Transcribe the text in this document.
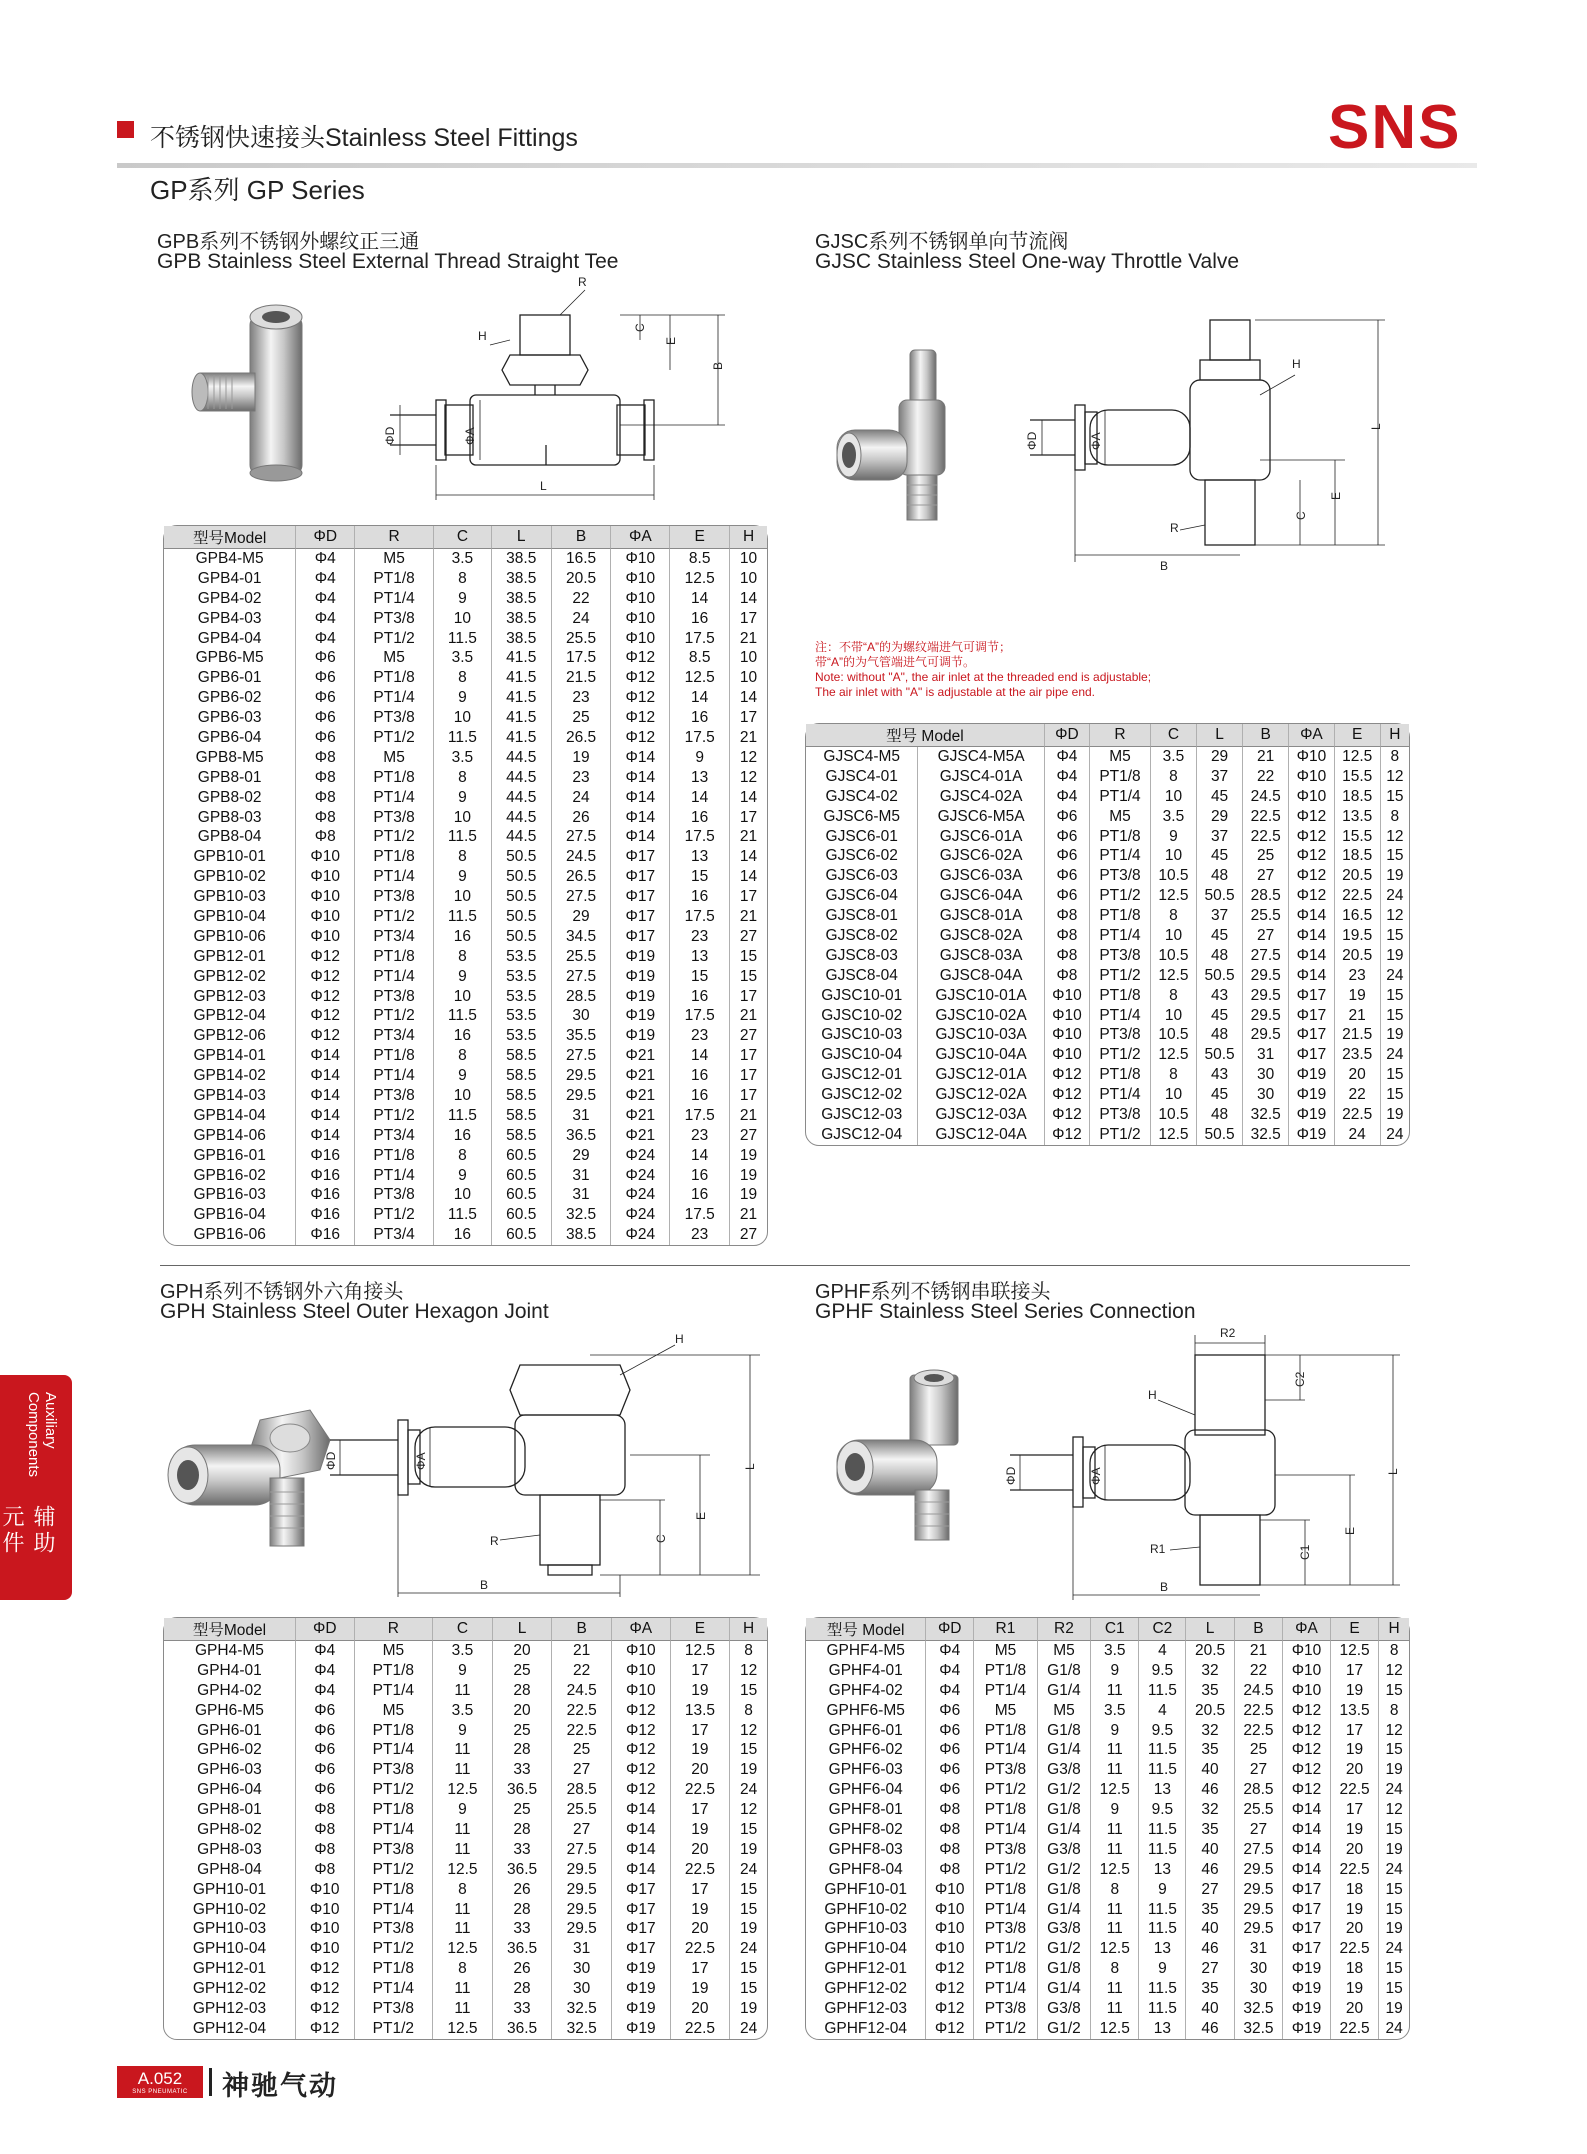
不锈钢快速接头Stainless Steel Fittings	SNS
GP系列 GP Series
GPB系列不锈钢外螺纹正三通
GPB Stainless Steel External Thread Straight Tee
GJSC系列不锈钢单向节流阀
GJSC Stainless Steel One-way Throttle Valve
GPH系列不锈钢外六角接头
GPH Stainless Steel Outer Hexagon Joint
GPHF系列不锈钢串联接头
GPHF Stainless Steel Series Connection
R
H
C
E
B
L
ΦD	ΦA
H
L
E
C
B
R
ΦD	ΦA
H
L
E
C
B
R
ΦD	ΦA
R2
H
C2
L
E
C1
B
R1
ΦD	ΦA
注：不带“A”的为螺纹端进气可调节；
带“A”的为气管端进气可调节。
Note: without "A", the air inlet at the threaded end is adjustable;
The air inlet with "A" is adjustable at the air pipe end.
型号Model	ΦD	R	C	L	B	ΦA	E	H
GPB4-M5	Φ4	M5	3.5	38.5	16.5	Φ10	8.5	10
GPB4-01	Φ4	PT1/8	8	38.5	20.5	Φ10	12.5	10
GPB4-02	Φ4	PT1/4	9	38.5	22	Φ10	14	14
GPB4-03	Φ4	PT3/8	10	38.5	24	Φ10	16	17
GPB4-04	Φ4	PT1/2	11.5	38.5	25.5	Φ10	17.5	21
GPB6-M5	Φ6	M5	3.5	41.5	17.5	Φ12	8.5	10
GPB6-01	Φ6	PT1/8	8	41.5	21.5	Φ12	12.5	10
GPB6-02	Φ6	PT1/4	9	41.5	23	Φ12	14	14
GPB6-03	Φ6	PT3/8	10	41.5	25	Φ12	16	17
GPB6-04	Φ6	PT1/2	11.5	41.5	26.5	Φ12	17.5	21
GPB8-M5	Φ8	M5	3.5	44.5	19	Φ14	9	12
GPB8-01	Φ8	PT1/8	8	44.5	23	Φ14	13	12
GPB8-02	Φ8	PT1/4	9	44.5	24	Φ14	14	14
GPB8-03	Φ8	PT3/8	10	44.5	26	Φ14	16	17
GPB8-04	Φ8	PT1/2	11.5	44.5	27.5	Φ14	17.5	21
GPB10-01	Φ10	PT1/8	8	50.5	24.5	Φ17	13	14
GPB10-02	Φ10	PT1/4	9	50.5	26.5	Φ17	15	14
GPB10-03	Φ10	PT3/8	10	50.5	27.5	Φ17	16	17
GPB10-04	Φ10	PT1/2	11.5	50.5	29	Φ17	17.5	21
GPB10-06	Φ10	PT3/4	16	50.5	34.5	Φ17	23	27
GPB12-01	Φ12	PT1/8	8	53.5	25.5	Φ19	13	15
GPB12-02	Φ12	PT1/4	9	53.5	27.5	Φ19	15	15
GPB12-03	Φ12	PT3/8	10	53.5	28.5	Φ19	16	17
GPB12-04	Φ12	PT1/2	11.5	53.5	30	Φ19	17.5	21
GPB12-06	Φ12	PT3/4	16	53.5	35.5	Φ19	23	27
GPB14-01	Φ14	PT1/8	8	58.5	27.5	Φ21	14	17
GPB14-02	Φ14	PT1/4	9	58.5	29.5	Φ21	16	17
GPB14-03	Φ14	PT3/8	10	58.5	29.5	Φ21	16	17
GPB14-04	Φ14	PT1/2	11.5	58.5	31	Φ21	17.5	21
GPB14-06	Φ14	PT3/4	16	58.5	36.5	Φ21	23	27
GPB16-01	Φ16	PT1/8	8	60.5	29	Φ24	14	19
GPB16-02	Φ16	PT1/4	9	60.5	31	Φ24	16	19
GPB16-03	Φ16	PT3/8	10	60.5	31	Φ24	16	19
GPB16-04	Φ16	PT1/2	11.5	60.5	32.5	Φ24	17.5	21
GPB16-06	Φ16	PT3/4	16	60.5	38.5	Φ24	23	27
型号 Model		ΦD	R	C	L	B	ΦA	E	H
GJSC4-M5	GJSC4-M5A	Φ4	M5	3.5	29	21	Φ10	12.5	8
GJSC4-01	GJSC4-01A	Φ4	PT1/8	8	37	22	Φ10	15.5	12
GJSC4-02	GJSC4-02A	Φ4	PT1/4	10	45	24.5	Φ10	18.5	15
GJSC6-M5	GJSC6-M5A	Φ6	M5	3.5	29	22.5	Φ12	13.5	8
GJSC6-01	GJSC6-01A	Φ6	PT1/8	9	37	22.5	Φ12	15.5	12
GJSC6-02	GJSC6-02A	Φ6	PT1/4	10	45	25	Φ12	18.5	15
GJSC6-03	GJSC6-03A	Φ6	PT3/8	10.5	48	27	Φ12	20.5	19
GJSC6-04	GJSC6-04A	Φ6	PT1/2	12.5	50.5	28.5	Φ12	22.5	24
GJSC8-01	GJSC8-01A	Φ8	PT1/8	8	37	25.5	Φ14	16.5	12
GJSC8-02	GJSC8-02A	Φ8	PT1/4	10	45	27	Φ14	19.5	15
GJSC8-03	GJSC8-03A	Φ8	PT3/8	10.5	48	27.5	Φ14	20.5	19
GJSC8-04	GJSC8-04A	Φ8	PT1/2	12.5	50.5	29.5	Φ14	23	24
GJSC10-01	GJSC10-01A	Φ10	PT1/8	8	43	29.5	Φ17	19	15
GJSC10-02	GJSC10-02A	Φ10	PT1/4	10	45	29.5	Φ17	21	15
GJSC10-03	GJSC10-03A	Φ10	PT3/8	10.5	48	29.5	Φ17	21.5	19
GJSC10-04	GJSC10-04A	Φ10	PT1/2	12.5	50.5	31	Φ17	23.5	24
GJSC12-01	GJSC12-01A	Φ12	PT1/8	8	43	30	Φ19	20	15
GJSC12-02	GJSC12-02A	Φ12	PT1/4	10	45	30	Φ19	22	15
GJSC12-03	GJSC12-03A	Φ12	PT3/8	10.5	48	32.5	Φ19	22.5	19
GJSC12-04	GJSC12-04A	Φ12	PT1/2	12.5	50.5	32.5	Φ19	24	24
型号Model	ΦD	R	C	L	B	ΦA	E	H
GPH4-M5	Φ4	M5	3.5	20	21	Φ10	12.5	8
GPH4-01	Φ4	PT1/8	9	25	22	Φ10	17	12
GPH4-02	Φ4	PT1/4	11	28	24.5	Φ10	19	15
GPH6-M5	Φ6	M5	3.5	20	22.5	Φ12	13.5	8
GPH6-01	Φ6	PT1/8	9	25	22.5	Φ12	17	12
GPH6-02	Φ6	PT1/4	11	28	25	Φ12	19	15
GPH6-03	Φ6	PT3/8	11	33	27	Φ12	20	19
GPH6-04	Φ6	PT1/2	12.5	36.5	28.5	Φ12	22.5	24
GPH8-01	Φ8	PT1/8	9	25	25.5	Φ14	17	12
GPH8-02	Φ8	PT1/4	11	28	27	Φ14	19	15
GPH8-03	Φ8	PT3/8	11	33	27.5	Φ14	20	19
GPH8-04	Φ8	PT1/2	12.5	36.5	29.5	Φ14	22.5	24
GPH10-01	Φ10	PT1/8	8	26	29.5	Φ17	17	15
GPH10-02	Φ10	PT1/4	11	28	29.5	Φ17	19	15
GPH10-03	Φ10	PT3/8	11	33	29.5	Φ17	20	19
GPH10-04	Φ10	PT1/2	12.5	36.5	31	Φ17	22.5	24
GPH12-01	Φ12	PT1/8	8	26	30	Φ19	17	15
GPH12-02	Φ12	PT1/4	11	28	30	Φ19	19	15
GPH12-03	Φ12	PT3/8	11	33	32.5	Φ19	20	19
GPH12-04	Φ12	PT1/2	12.5	36.5	32.5	Φ19	22.5	24
型号 Model	ΦD	R1	R2	C1	C2	L	B	ΦA	E	H
GPHF4-M5	Φ4	M5	M5	3.5	4	20.5	21	Φ10	12.5	8
GPHF4-01	Φ4	PT1/8	G1/8	9	9.5	32	22	Φ10	17	12
GPHF4-02	Φ4	PT1/4	G1/4	11	11.5	35	24.5	Φ10	19	15
GPHF6-M5	Φ6	M5	M5	3.5	4	20.5	22.5	Φ12	13.5	8
GPHF6-01	Φ6	PT1/8	G1/8	9	9.5	32	22.5	Φ12	17	12
GPHF6-02	Φ6	PT1/4	G1/4	11	11.5	35	25	Φ12	19	15
GPHF6-03	Φ6	PT3/8	G3/8	11	11.5	40	27	Φ12	20	19
GPHF6-04	Φ6	PT1/2	G1/2	12.5	13	46	28.5	Φ12	22.5	24
GPHF8-01	Φ8	PT1/8	G1/8	9	9.5	32	25.5	Φ14	17	12
GPHF8-02	Φ8	PT1/4	G1/4	11	11.5	35	27	Φ14	19	15
GPHF8-03	Φ8	PT3/8	G3/8	11	11.5	40	27.5	Φ14	20	19
GPHF8-04	Φ8	PT1/2	G1/2	12.5	13	46	29.5	Φ14	22.5	24
GPHF10-01	Φ10	PT1/8	G1/8	8	9	27	29.5	Φ17	18	15
GPHF10-02	Φ10	PT1/4	G1/4	11	11.5	35	29.5	Φ17	19	15
GPHF10-03	Φ10	PT3/8	G3/8	11	11.5	40	29.5	Φ17	20	19
GPHF10-04	Φ10	PT1/2	G1/2	12.5	13	46	31	Φ17	22.5	24
GPHF12-01	Φ12	PT1/8	G1/8	8	9	27	30	Φ19	18	15
GPHF12-02	Φ12	PT1/4	G1/4	11	11.5	35	30	Φ19	19	15
GPHF12-03	Φ12	PT3/8	G3/8	11	11.5	40	32.5	Φ19	20	19
GPHF12-04	Φ12	PT1/2	G1/2	12.5	13	46	32.5	Φ19	22.5	24
辅助元件
Auxiliary Components
A.052
SNS PNEUMATIC	神驰气动
